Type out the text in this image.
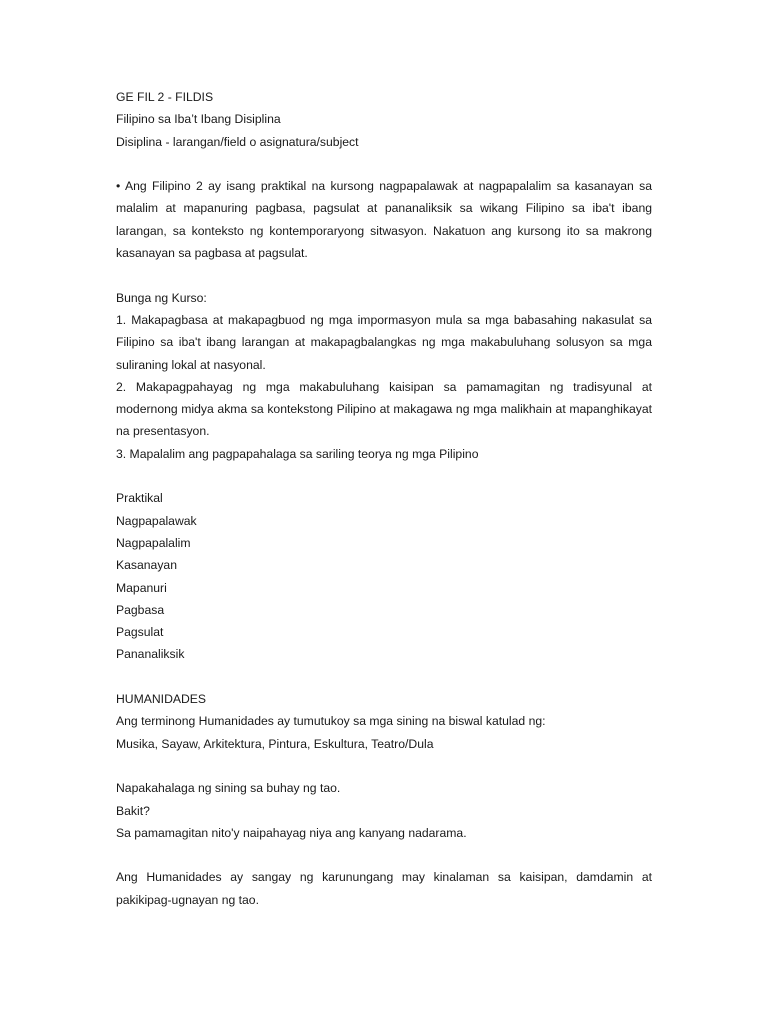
GE FIL 2 - FILDIS
Filipino sa Iba’t Ibang Disiplina
Disiplina - larangan/field o asignatura/subject

• Ang Filipino 2 ay isang praktikal na kursong nagpapalawak at nagpapalalim sa kasanayan sa malalim at mapanuring pagbasa, pagsulat at pananaliksik sa wikang Filipino sa iba't ibang larangan, sa konteksto ng kontemporaryong sitwasyon. Nakatuon ang kursong ito sa makrong kasanayan sa pagbasa at pagsulat.

Bunga ng Kurso:
1. Makapagbasa at makapagbuod ng mga impormasyon mula sa mga babasahing nakasulat sa Filipino sa iba't ibang larangan at makapagbalangkas ng mga makabuluhang solusyon sa mga suliraning lokal at nasyonal.
2. Makapagpahayag ng mga makabuluhang kaisipan sa pamamagitan ng tradisyunal at modernong midya akma sa kontekstong Pilipino at makagawa ng mga malikhain at mapanghikayat na presentasyon.
3. Mapalalim ang pagpapahalaga sa sariling teorya ng mga Pilipino
Praktikal
Nagpapalawak
Nagpapalalim
Kasanayan
Mapanuri
Pagbasa
Pagsulat
Pananaliksik
HUMANIDADES
Ang terminong Humanidades ay tumutukoy sa mga sining na biswal katulad ng:
Musika, Sayaw, Arkitektura, Pintura, Eskultura, Teatro/Dula
Napakahalaga ng sining sa buhay ng tao.
Bakit?
Sa pamamagitan nito'y naipahayag niya ang kanyang nadarama.

Ang Humanidades ay sangay ng karunungang may kinalaman sa kaisipan, damdamin at pakikipag-ugnayan ng tao.
